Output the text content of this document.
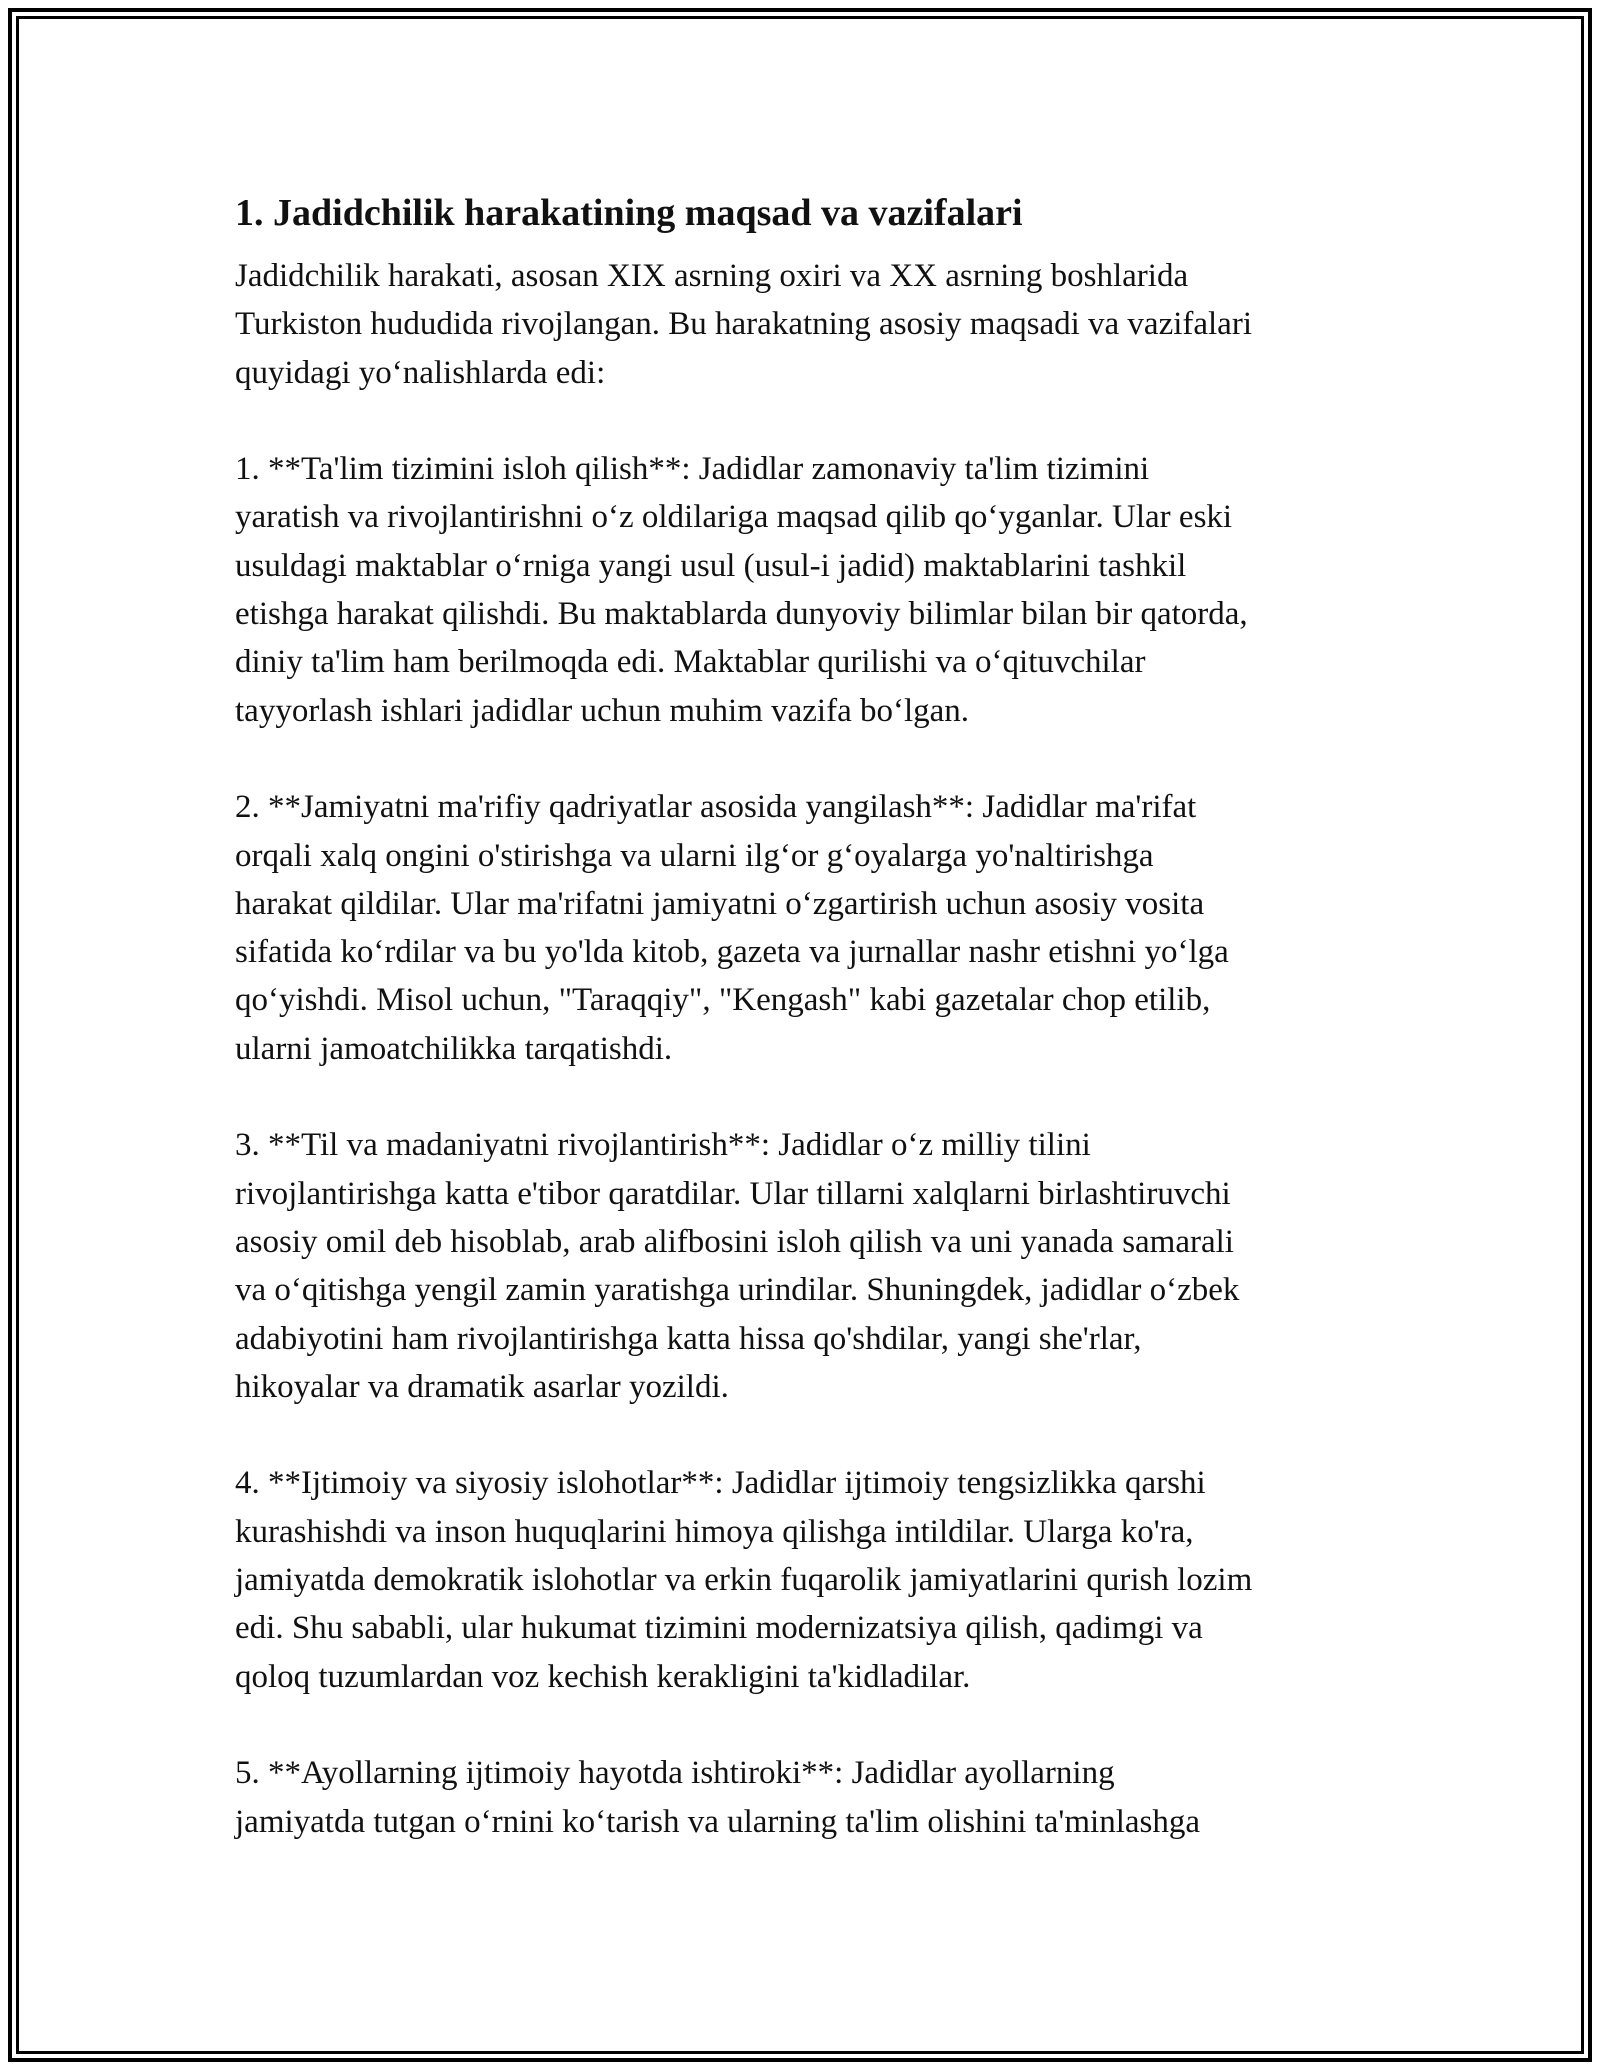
1. Jadidchilik harakatining maqsad va vazifalari

Jadidchilik harakati, asosan XIX asrning oxiri va XX asrning boshlarida
Turkiston hududida rivojlangan. Bu harakatning asosiy maqsadi va vazifalari
quyidagi yo‘nalishlarda edi:

1. **Ta'lim tizimini isloh qilish**: Jadidlar zamonaviy ta'lim tizimini
yaratish va rivojlantirishni o‘z oldilariga maqsad qilib qo‘yganlar. Ular eski
usuldagi maktablar o‘rniga yangi usul (usul-i jadid) maktablarini tashkil
etishga harakat qilishdi. Bu maktablarda dunyoviy bilimlar bilan bir qatorda,
diniy ta'lim ham berilmoqda edi. Maktablar qurilishi va o‘qituvchilar
tayyorlash ishlari jadidlar uchun muhim vazifa bo‘lgan.

2. **Jamiyatni ma'rifiy qadriyatlar asosida yangilash**: Jadidlar ma'rifat
orqali xalq ongini o'stirishga va ularni ilg‘or g‘oyalarga yo'naltirishga
harakat qildilar. Ular ma'rifatni jamiyatni o‘zgartirish uchun asosiy vosita
sifatida ko‘rdilar va bu yo'lda kitob, gazeta va jurnallar nashr etishni yo‘lga
qo‘yishdi. Misol uchun, "Taraqqiy", "Kengash" kabi gazetalar chop etilib,
ularni jamoatchilikka tarqatishdi.

3. **Til va madaniyatni rivojlantirish**: Jadidlar o‘z milliy tilini
rivojlantirishga katta e'tibor qaratdilar. Ular tillarni xalqlarni birlashtiruvchi
asosiy omil deb hisoblab, arab alifbosini isloh qilish va uni yanada samarali
va o‘qitishga yengil zamin yaratishga urindilar. Shuningdek, jadidlar o‘zbek
adabiyotini ham rivojlantirishga katta hissa qo'shdilar, yangi she'rlar,
hikoyalar va dramatik asarlar yozildi.

4. **Ijtimoiy va siyosiy islohotlar**: Jadidlar ijtimoiy tengsizlikka qarshi
kurashishdi va inson huquqlarini himoya qilishga intildilar. Ularga ko'ra,
jamiyatda demokratik islohotlar va erkin fuqarolik jamiyatlarini qurish lozim
edi. Shu sababli, ular hukumat tizimini modernizatsiya qilish, qadimgi va
qoloq tuzumlardan voz kechish kerakligini ta'kidladilar.

5. **Ayollarning ijtimoiy hayotda ishtiroki**: Jadidlar ayollarning
jamiyatda tutgan o‘rnini ko‘tarish va ularning ta'lim olishini ta'minlashga
